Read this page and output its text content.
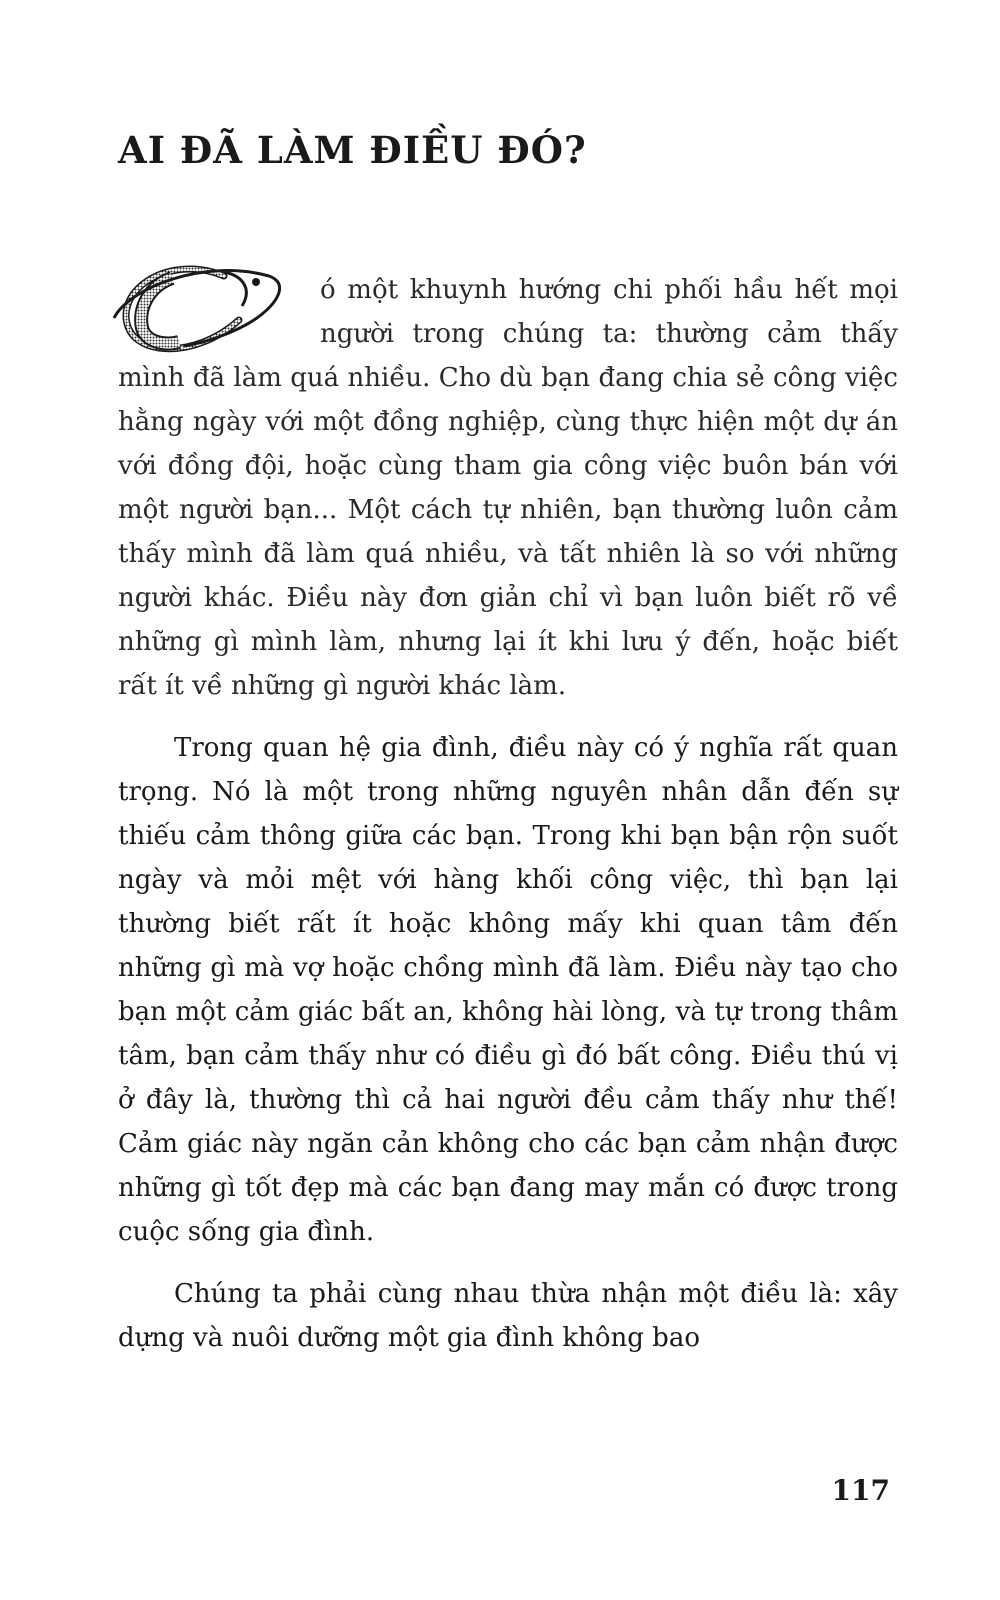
AI ĐÃ LÀM ĐIỀU ĐÓ?

ó một khuynh hướng chi phối hầu hết mọi người trong chúng ta: thường cảm thấy mình đã làm quá nhiều. Cho dù bạn đang chia sẻ công việc hằng ngày với một đồng nghiệp, cùng thực hiện một dự án với đồng đội, hoặc cùng tham gia công việc buôn bán với một người bạn... Một cách tự nhiên, bạn thường luôn cảm thấy mình đã làm quá nhiều, và tất nhiên là so với những người khác. Điều này đơn giản chỉ vì bạn luôn biết rõ về những gì mình làm, nhưng lại ít khi lưu ý đến, hoặc biết rất ít về những gì người khác làm.

Trong quan hệ gia đình, điều này có ý nghĩa rất quan trọng. Nó là một trong những nguyên nhân dẫn đến sự thiếu cảm thông giữa các bạn. Trong khi bạn bận rộn suốt ngày và mỏi mệt với hàng khối công việc, thì bạn lại thường biết rất ít hoặc không mấy khi quan tâm đến những gì mà vợ hoặc chồng mình đã làm. Điều này tạo cho bạn một cảm giác bất an, không hài lòng, và tự trong thâm tâm, bạn cảm thấy như có điều gì đó bất công. Điều thú vị ở đây là, thường thì cả hai người đều cảm thấy như thế! Cảm giác này ngăn cản không cho các bạn cảm nhận được những gì tốt đẹp mà các bạn đang may mắn có được trong cuộc sống gia đình.

Chúng ta phải cùng nhau thừa nhận một điều là: xây dựng và nuôi dưỡng một gia đình không bao

117
